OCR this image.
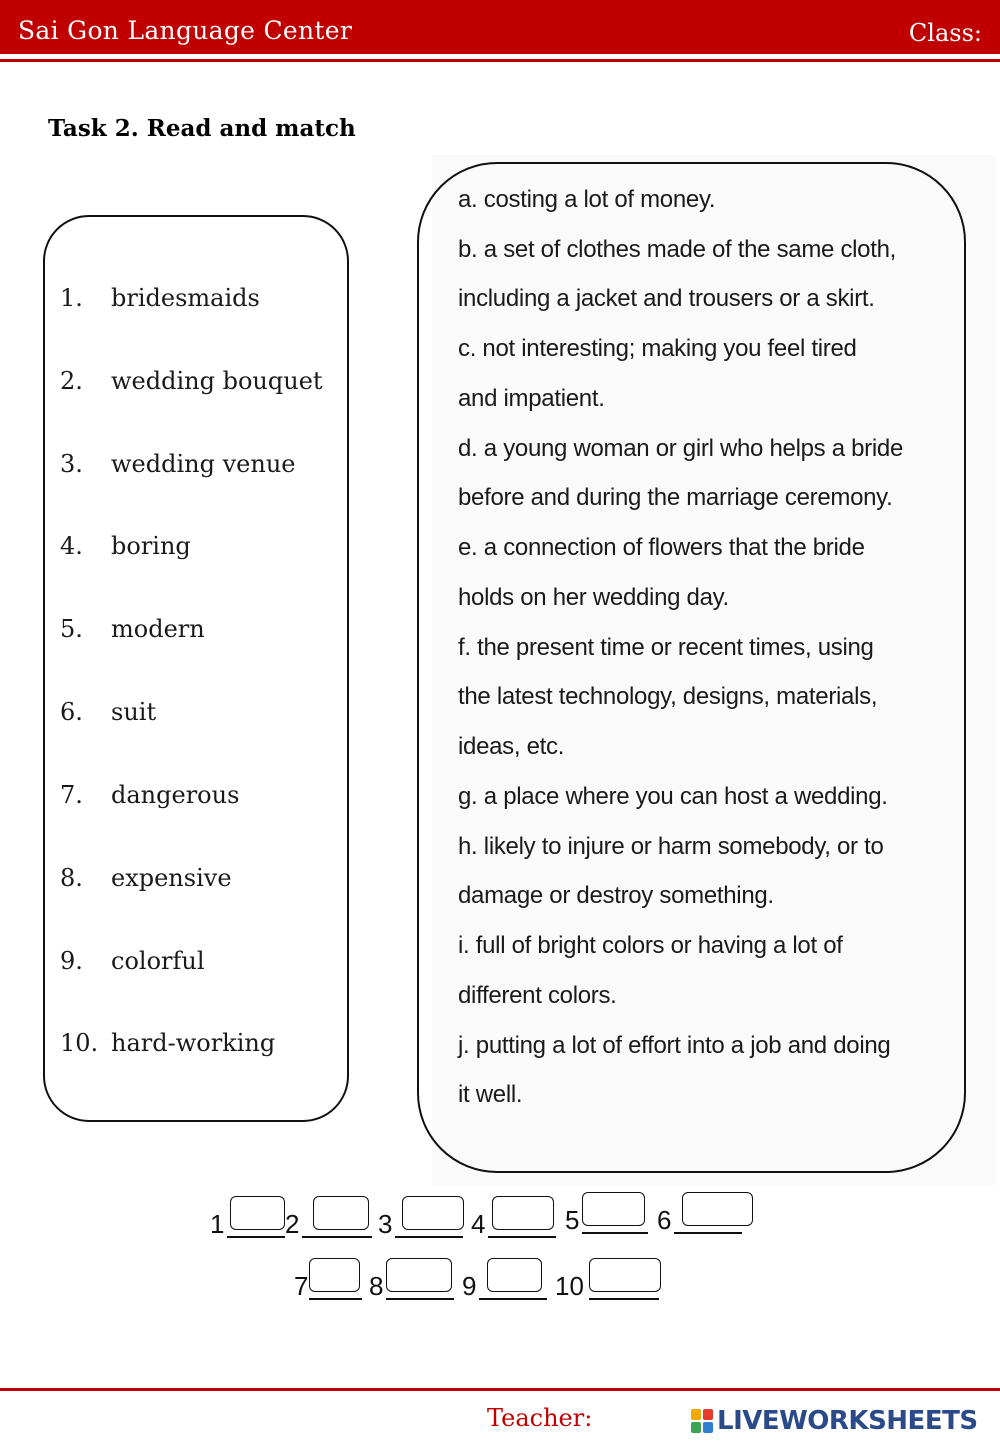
Sai Gon Language Center	Class:
Task 2. Read and match
1. bridesmaids
2. wedding bouquet
3. wedding venue
4. boring
5. modern
6. suit
7. dangerous
8. expensive
9. colorful
10. hard-working
a. costing a lot of money.
b. a set of clothes made of the same cloth,
including a jacket and trousers or a skirt.
c. not interesting; making you feel tired
and impatient.
d. a young woman or girl who helps a bride
before and during the marriage ceremony.
e. a connection of flowers that the bride
holds on her wedding day.
f. the present time or recent times, using
the latest technology, designs, materials,
ideas, etc.
g. a place where you can host a wedding.
h. likely to injure or harm somebody, or to
damage or destroy something.
i. full of bright colors or having a lot of
different colors.
j. putting a lot of effort into a job and doing
it well.
1 2	3	4	5	6
7 8	9	10
Teacher:	LIVEWORKSHEETS
